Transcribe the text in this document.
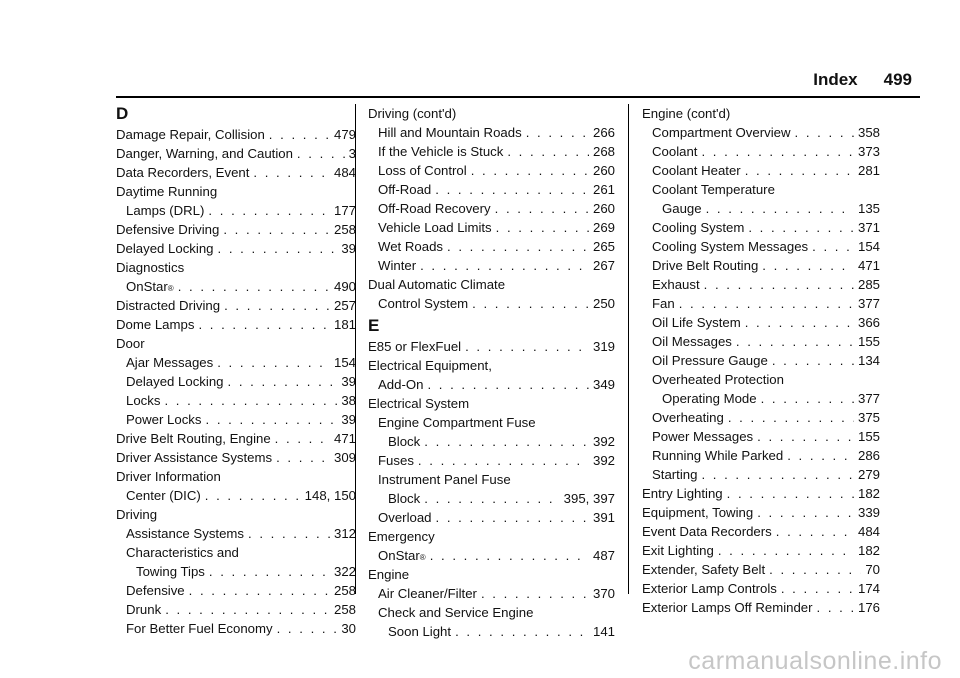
Index 499
D
Damage Repair, Collision . . .	479
Danger, Warning, and Caution . . .	3
Data Recorders, Event . . .	484
Daytime Running
Lamps (DRL) . . .	177
Defensive Driving . . .	258
Delayed Locking . . .	39
Diagnostics
OnStar ® . . .	490
Distracted Driving . . .	257
Dome Lamps . . .	181
Door
Ajar Messages . . .	154
Delayed Locking . . .	39
Locks . . .	38
Power Locks . . .	39
Drive Belt Routing, Engine . . .	471
Driver Assistance Systems . . .	309
Driver Information
Center (DIC) . . .	148, 150
Driving
Assistance Systems . . .	312
Characteristics and
Towing Tips . . .	322
Defensive . . .	258
Drunk . . .	258
For Better Fuel Economy . . .	30
Driving (cont'd)
Hill and Mountain Roads . . .	266
If the Vehicle is Stuck . . .	268
Loss of Control . . .	260
Off-Road . . .	261
Off-Road Recovery . . .	260
Vehicle Load Limits . . .	269
Wet Roads . . .	265
Winter . . .	267
Dual Automatic Climate
Control System . . .	250
E
E85 or FlexFuel . . .	319
Electrical Equipment,
Add-On . . .	349
Electrical System
Engine Compartment Fuse
Block . . .	392
Fuses . . .	392
Instrument Panel Fuse
Block . . .	395, 397
Overload . . .	391
Emergency
OnStar ® . . .	487
Engine
Air Cleaner/Filter . . .	370
Check and Service Engine
Soon Light . . .	141
Engine (cont'd)
Compartment Overview . . .	358
Coolant . . .	373
Coolant Heater . . .	281
Coolant Temperature
Gauge . . .	135
Cooling System . . .	371
Cooling System Messages . . .	154
Drive Belt Routing . . .	471
Exhaust . . .	285
Fan . . .	377
Oil Life System . . .	366
Oil Messages . . .	155
Oil Pressure Gauge . . .	134
Overheated Protection
Operating Mode . . .	377
Overheating . . .	375
Power Messages . . .	155
Running While Parked . . .	286
Starting . . .	279
Entry Lighting . . .	182
Equipment, Towing . . .	339
Event Data Recorders . . .	484
Exit Lighting . . .	182
Extender, Safety Belt . . .	70
Exterior Lamp Controls . . .	174
Exterior Lamps Off Reminder . . .	176
carmanualsonline.info
